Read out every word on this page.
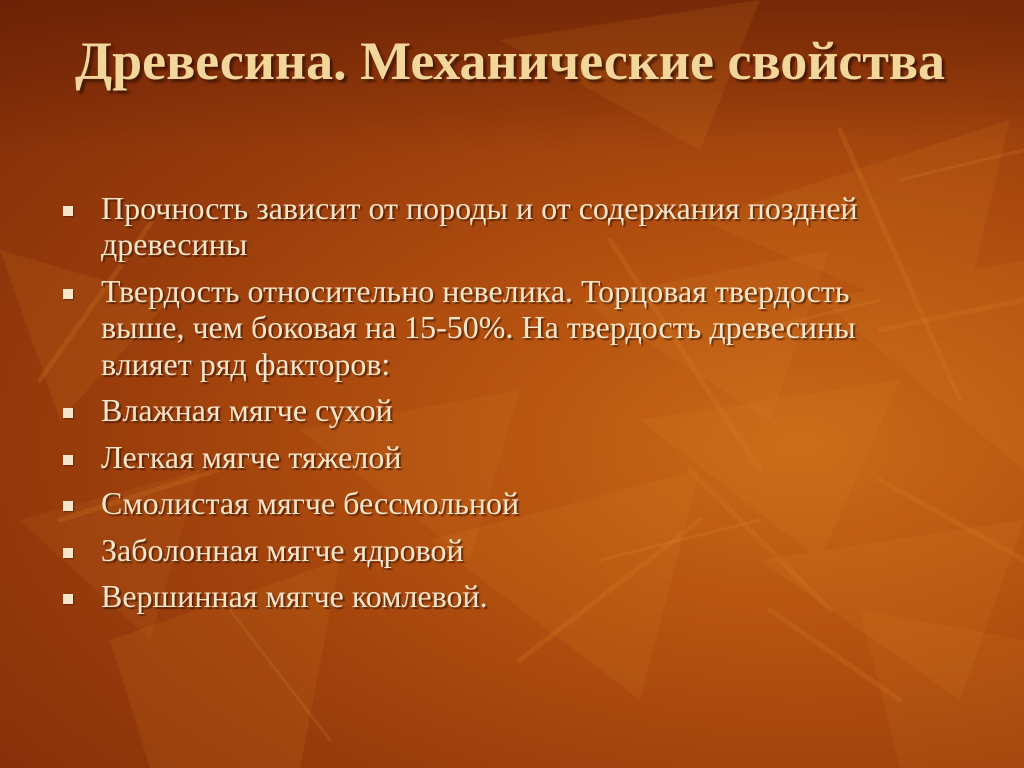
Древесина. Механические свойства
Прочность зависит от породы и от содержания поздней древесины
Твердость относительно невелика. Торцовая твердость выше, чем боковая на 15-50%. На твердость древесины влияет ряд факторов:
Влажная мягче сухой
Легкая мягче тяжелой
Смолистая мягче бессмольной
Заболонная мягче ядровой
Вершинная мягче комлевой.
